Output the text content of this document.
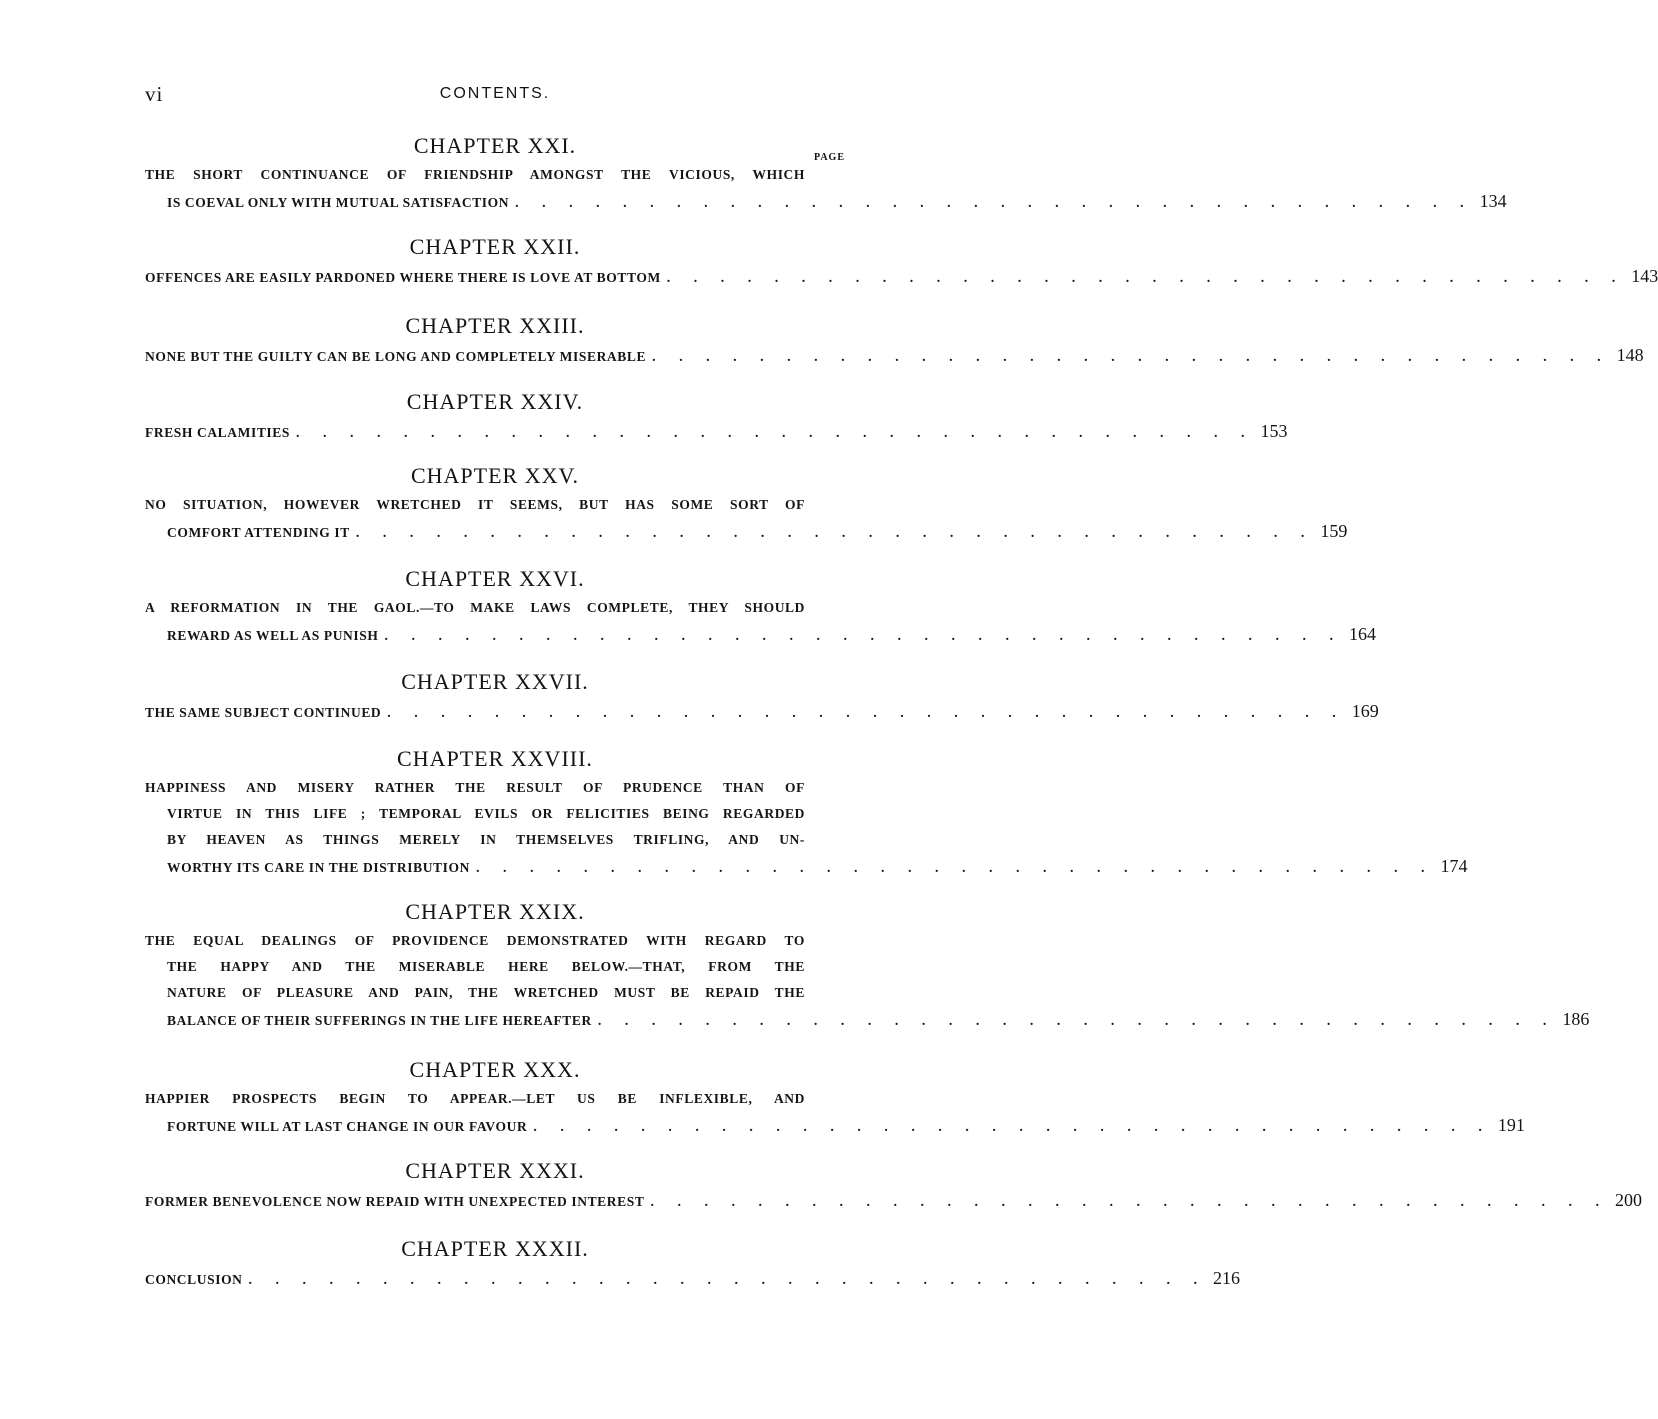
vi	CONTENTS.
CHAPTER XXI.	PAGE
THE SHORT CONTINUANCE OF FRIENDSHIP AMONGST THE VICIOUS, WHICH
IS COEVAL ONLY WITH MUTUAL SATISFACTION . . . . . . . . . . . . . . . . . . . . . . . . . . . . . . . . . . . . 134
CHAPTER XXII.
OFFENCES ARE EASILY PARDONED WHERE THERE IS LOVE AT BOTTOM . . . . . . . . . . . . . . . . . . . . . . . . . . . . . . . . . . . . 143
CHAPTER XXIII.
NONE BUT THE GUILTY CAN BE LONG AND COMPLETELY MISERABLE . . . . . . . . . . . . . . . . . . . . . . . . . . . . . . . . . . . . 148
CHAPTER XXIV.
FRESH CALAMITIES . . . . . . . . . . . . . . . . . . . . . . . . . . . . . . . . . . . . 153
CHAPTER XXV.
NO SITUATION, HOWEVER WRETCHED IT SEEMS, BUT HAS SOME SORT OF
COMFORT ATTENDING IT . . . . . . . . . . . . . . . . . . . . . . . . . . . . . . . . . . . . 159
CHAPTER XXVI.
A REFORMATION IN THE GAOL.—TO MAKE LAWS COMPLETE, THEY SHOULD
REWARD AS WELL AS PUNISH . . . . . . . . . . . . . . . . . . . . . . . . . . . . . . . . . . . . 164
CHAPTER XXVII.
THE SAME SUBJECT CONTINUED . . . . . . . . . . . . . . . . . . . . . . . . . . . . . . . . . . . . 169
CHAPTER XXVIII.
HAPPINESS AND MISERY RATHER THE RESULT OF PRUDENCE THAN OF
VIRTUE IN THIS LIFE ; TEMPORAL EVILS OR FELICITIES BEING REGARDED
BY HEAVEN AS THINGS MERELY IN THEMSELVES TRIFLING, AND UN-
WORTHY ITS CARE IN THE DISTRIBUTION . . . . . . . . . . . . . . . . . . . . . . . . . . . . . . . . . . . . 174
CHAPTER XXIX.
THE EQUAL DEALINGS OF PROVIDENCE DEMONSTRATED WITH REGARD TO
THE HAPPY AND THE MISERABLE HERE BELOW.—THAT, FROM THE
NATURE OF PLEASURE AND PAIN, THE WRETCHED MUST BE REPAID THE
BALANCE OF THEIR SUFFERINGS IN THE LIFE HEREAFTER . . . . . . . . . . . . . . . . . . . . . . . . . . . . . . . . . . . . 186
CHAPTER XXX.
HAPPIER PROSPECTS BEGIN TO APPEAR.—LET US BE INFLEXIBLE, AND
FORTUNE WILL AT LAST CHANGE IN OUR FAVOUR . . . . . . . . . . . . . . . . . . . . . . . . . . . . . . . . . . . . 191
CHAPTER XXXI.
FORMER BENEVOLENCE NOW REPAID WITH UNEXPECTED INTEREST . . . . . . . . . . . . . . . . . . . . . . . . . . . . . . . . . . . . 200
CHAPTER XXXII.
CONCLUSION . . . . . . . . . . . . . . . . . . . . . . . . . . . . . . . . . . . . 216
